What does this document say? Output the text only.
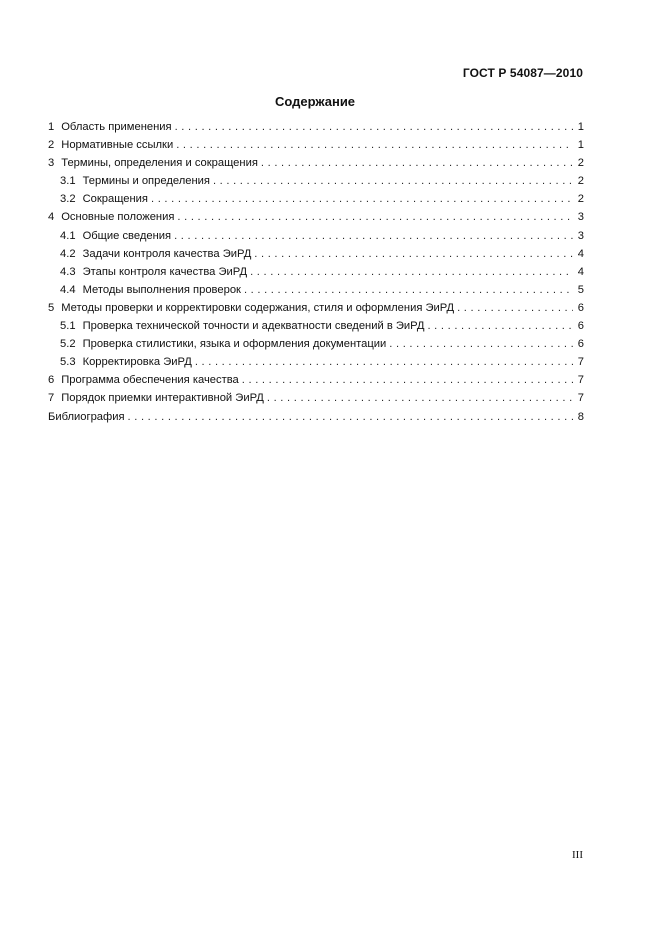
ГОСТ Р 54087—2010
Содержание
1 Область применения . . .	1
2 Нормативные ссылки . . .	1
3 Термины, определения и сокращения . . .	2
3.1 Термины и определения . . .	2
3.2 Сокращения . . .	2
4 Основные положения . . .	3
4.1 Общие сведения . . .	3
4.2 Задачи контроля качества ЭиРД . . .	4
4.3 Этапы контроля качества ЭиРД . . .	4
4.4 Методы выполнения проверок . . .	5
5 Методы проверки и корректировки содержания, стиля и оформления ЭиРД . . .	6
5.1 Проверка технической точности и адекватности сведений в ЭиРД . . .	6
5.2 Проверка стилистики, языка и оформления документации . . .	6
5.3 Корректировка ЭиРД . . .	7
6 Программа обеспечения качества . . .	7
7 Порядок приемки интерактивной ЭиРД . . .	7
Библиография . . .	8
III
